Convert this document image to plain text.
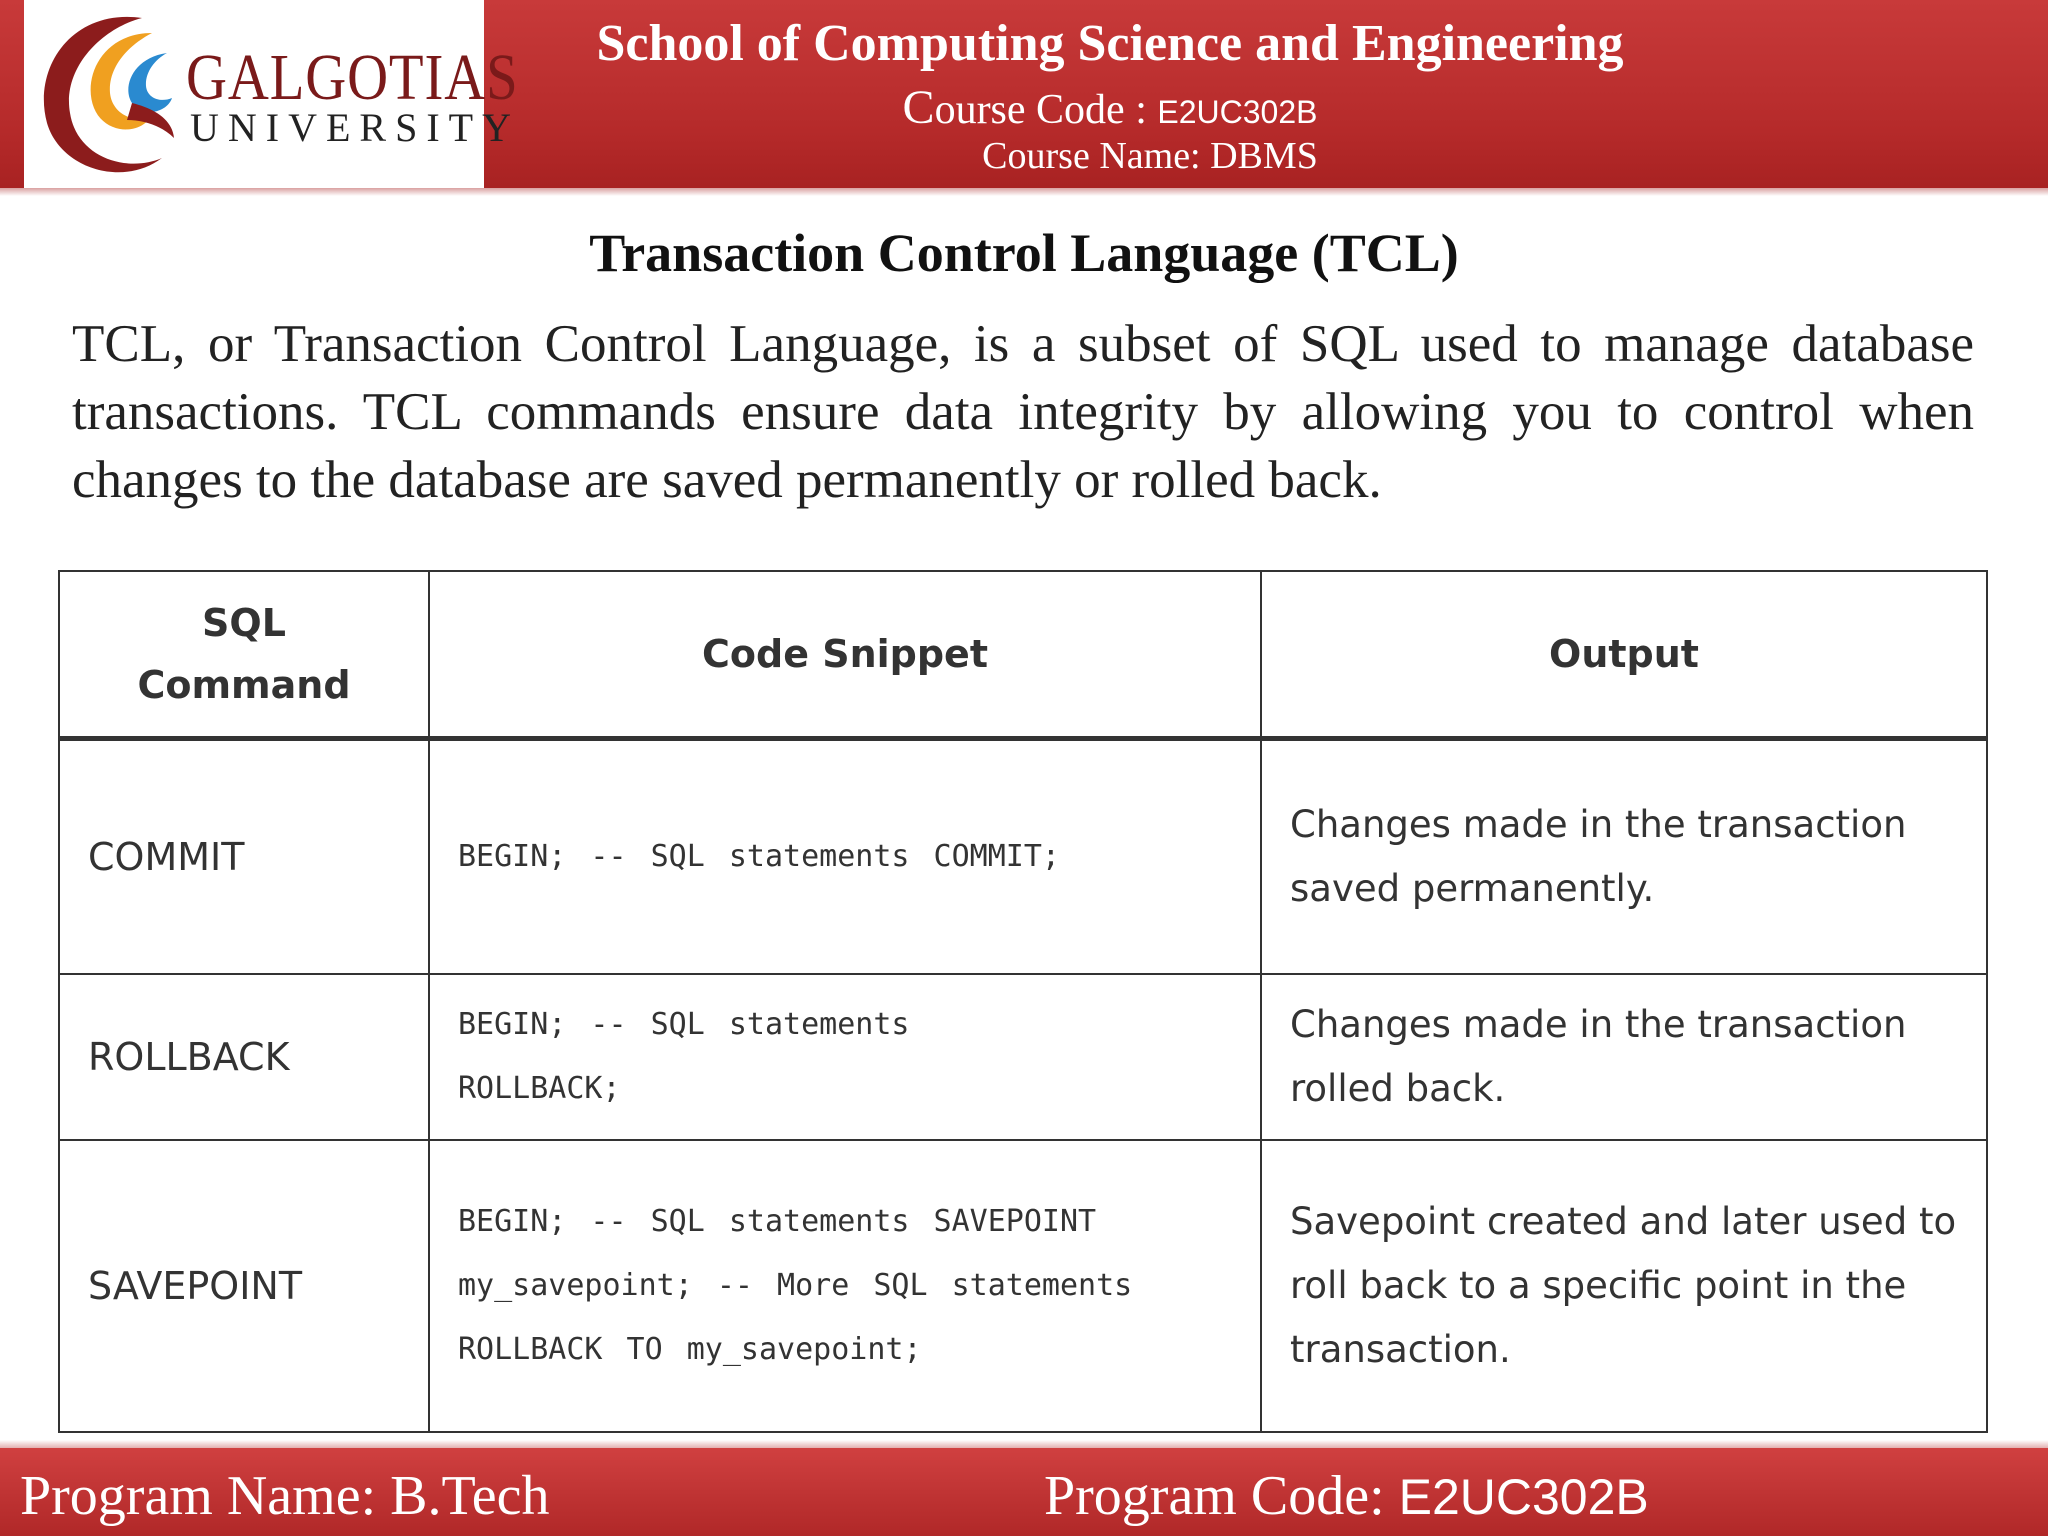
GALGOTIAS
UNIVERSITY
School of Computing Science and Engineering
Course Code : E2UC302B
Course Name: DBMS
Transaction Control Language (TCL)
TCL, or Transaction Control Language, is a subset of SQL used to manage database transactions. TCL commands ensure data integrity by allowing you to control when changes to the database are saved permanently or rolled back.
SQL Command	Code Snippet	Output
COMMIT	BEGIN; -- SQL statements COMMIT;	Changes made in the transaction saved permanently.
ROLLBACK	BEGIN; -- SQL statements ROLLBACK;	Changes made in the transaction rolled back.
SAVEPOINT	BEGIN; -- SQL statements SAVEPOINT my_savepoint; -- More SQL statements ROLLBACK TO my_savepoint;	Savepoint created and later used to roll back to a specific point in the transaction.
Program Name: B.Tech	Program Code: E2UC302B
